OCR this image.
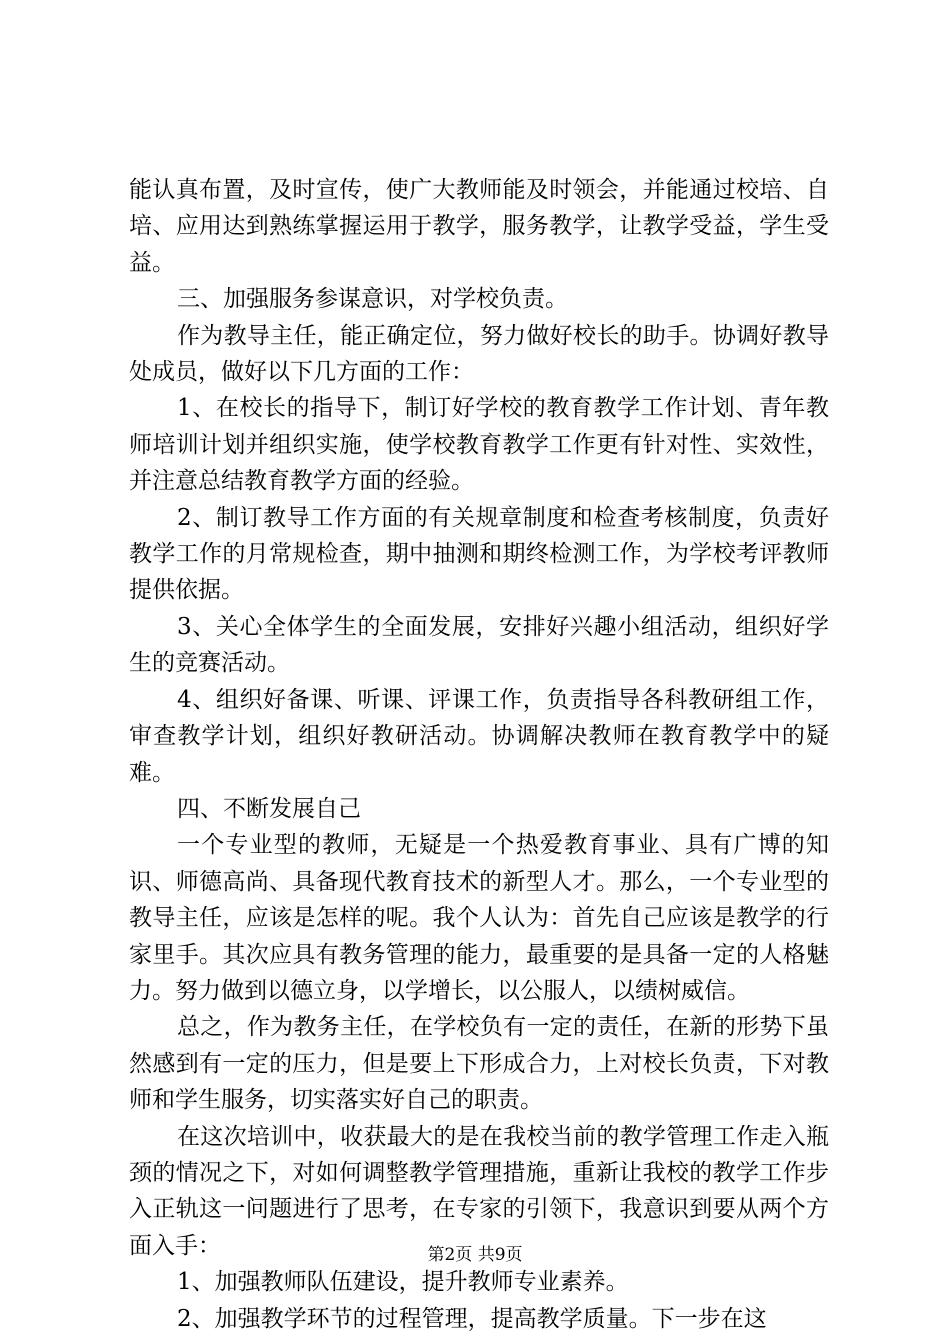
能认真布置，及时宣传，使广大教师能及时领会，并能通过校培、自培、应用达到熟练掌握运用于教学，服务教学，让教学受益，学生受益。

三、加强服务参谋意识，对学校负责。

作为教导主任，能正确定位，努力做好校长的助手。协调好教导处成员，做好以下几方面的工作：

1、在校长的指导下，制订好学校的教育教学工作计划、青年教师培训计划并组织实施，使学校教育教学工作更有针对性、实效性，并注意总结教育教学方面的经验。

2、制订教导工作方面的有关规章制度和检查考核制度，负责好教学工作的月常规检查，期中抽测和期终检测工作，为学校考评教师提供依据。

3、关心全体学生的全面发展，安排好兴趣小组活动，组织好学生的竞赛活动。

4、组织好备课、听课、评课工作，负责指导各科教研组工作，审查教学计划，组织好教研活动。协调解决教师在教育教学中的疑难。

四、不断发展自己

一个专业型的教师，无疑是一个热爱教育事业、具有广博的知识、师德高尚、具备现代教育技术的新型人才。那么，一个专业型的教导主任，应该是怎样的呢。我个人认为：首先自己应该是教学的行家里手。其次应具有教务管理的能力，最重要的是具备一定的人格魅力。努力做到以德立身，以学增长，以公服人，以绩树威信。

总之，作为教务主任，在学校负有一定的责任，在新的形势下虽然感到有一定的压力，但是要上下形成合力，上对校长负责，下对教师和学生服务，切实落实好自己的职责。

在这次培训中，收获最大的是在我校当前的教学管理工作走入瓶颈的情况之下，对如何调整教学管理措施，重新让我校的教学工作步入正轨这一问题进行了思考，在专家的引领下，我意识到要从两个方面入手：

1、加强教师队伍建设，提升教师专业素养。

2、加强教学环节的过程管理，提高教学质量。下一步在这

第2页 共9页
